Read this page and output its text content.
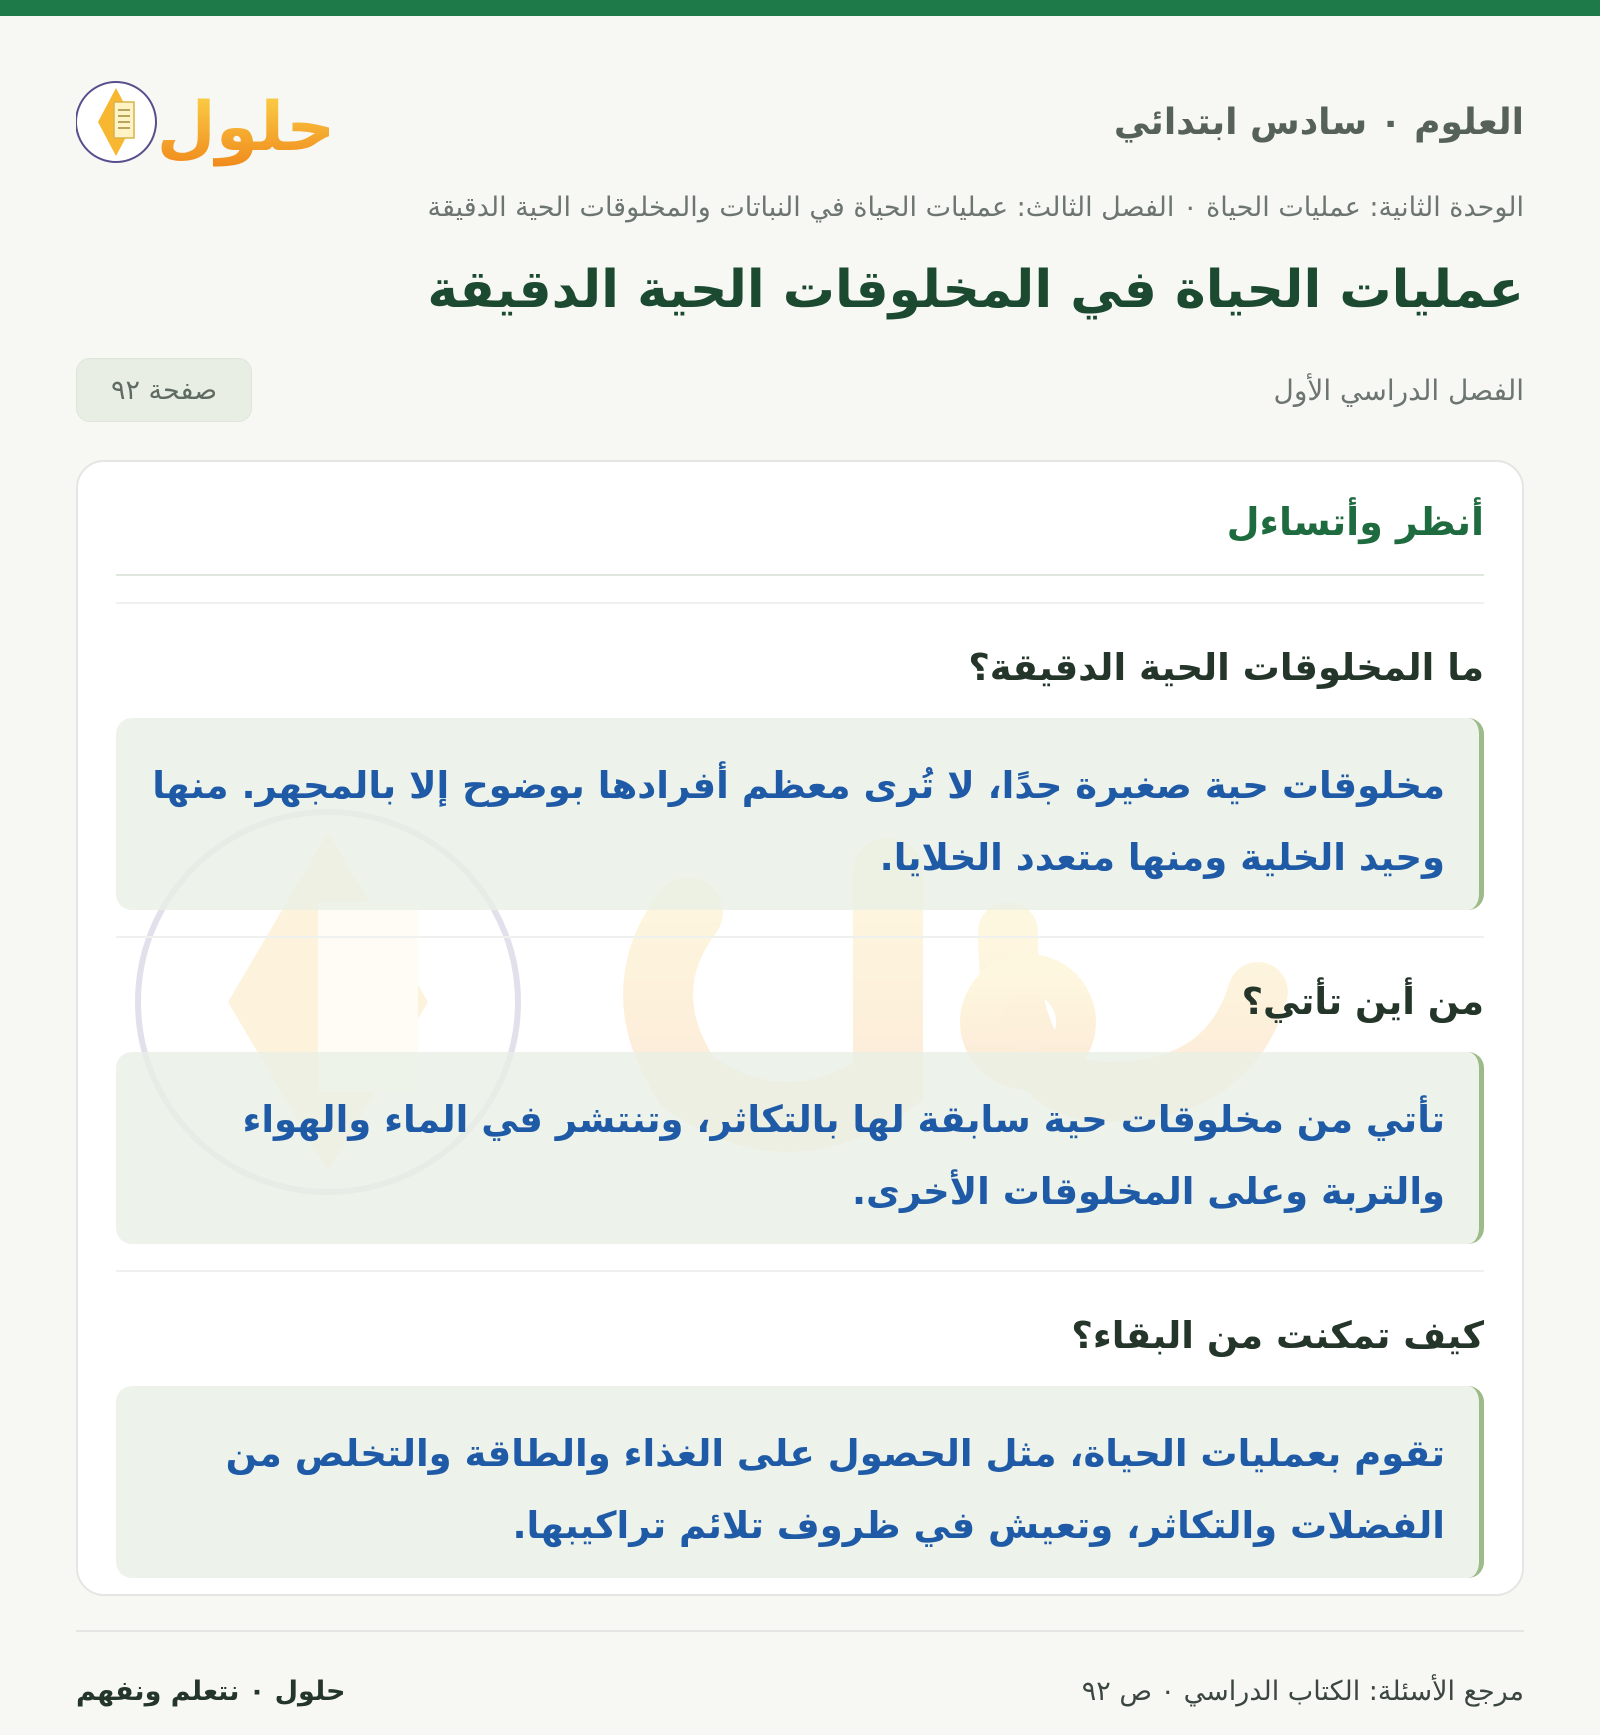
العلوم ٠ سادس ابتدائي
حلول
الوحدة الثانية: عمليات الحياة ٠ الفصل الثالث: عمليات الحياة في النباتات والمخلوقات الحية الدقيقة
عمليات الحياة في المخلوقات الحية الدقيقة
الفصل الدراسي الأول
صفحة ٩٢
أنظر وأتساءل
ما المخلوقات الحية الدقيقة؟
مخلوقات حية صغيرة جدًا، لا تُرى معظم أفرادها بوضوح إلا بالمجهر. منها وحيد الخلية ومنها متعدد الخلايا.
من أين تأتي؟
تأتي من مخلوقات حية سابقة لها بالتكاثر، وتنتشر في الماء والهواء والتربة وعلى المخلوقات الأخرى.
كيف تمكنت من البقاء؟
تقوم بعمليات الحياة، مثل الحصول على الغذاء والطاقة والتخلص من الفضلات والتكاثر، وتعيش في ظروف تلائم تراكيبها.
مرجع الأسئلة: الكتاب الدراسي ٠ ص ٩٢
حلول ٠ نتعلم ونفهم
